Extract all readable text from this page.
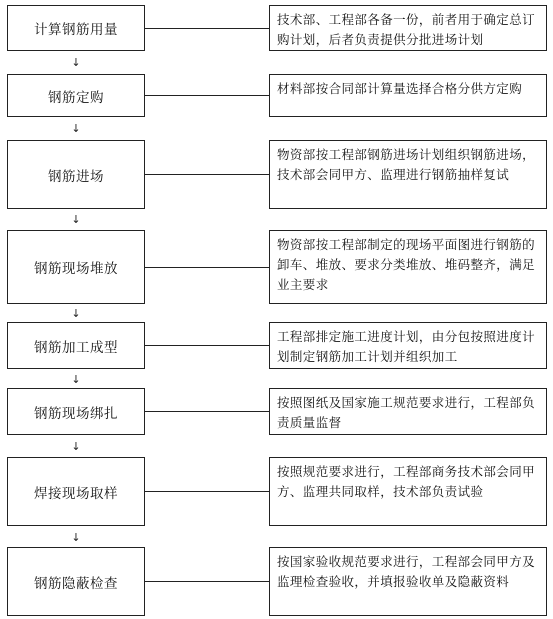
计算钢筋用量
钢筋定购
钢筋进场
钢筋现场堆放
钢筋加工成型
钢筋现场绑扎
焊接现场取样
钢筋隐蔽检查
技术部、工程部各备一份，前者用于确定总订购计划，后者负责提供分批进场计划
材料部按合同部计算量选择合格分供方定购
物资部按工程部钢筋进场计划组织钢筋进场，技术部会同甲方、监理进行钢筋抽样复试
物资部按工程部制定的现场平面图进行钢筋的卸车、堆放、要求分类堆放、堆码整齐，满足业主要求
工程部排定施工进度计划，由分包按照进度计划制定钢筋加工计划并组织加工
按照图纸及国家施工规范要求进行，工程部负责质量监督
按照规范要求进行，工程部商务技术部会同甲方、监理共同取样，技术部负责试验
按国家验收规范要求进行，工程部会同甲方及监理检查验收，并填报验收单及隐蔽资料
↓
↓
↓
↓
↓
↓
↓
